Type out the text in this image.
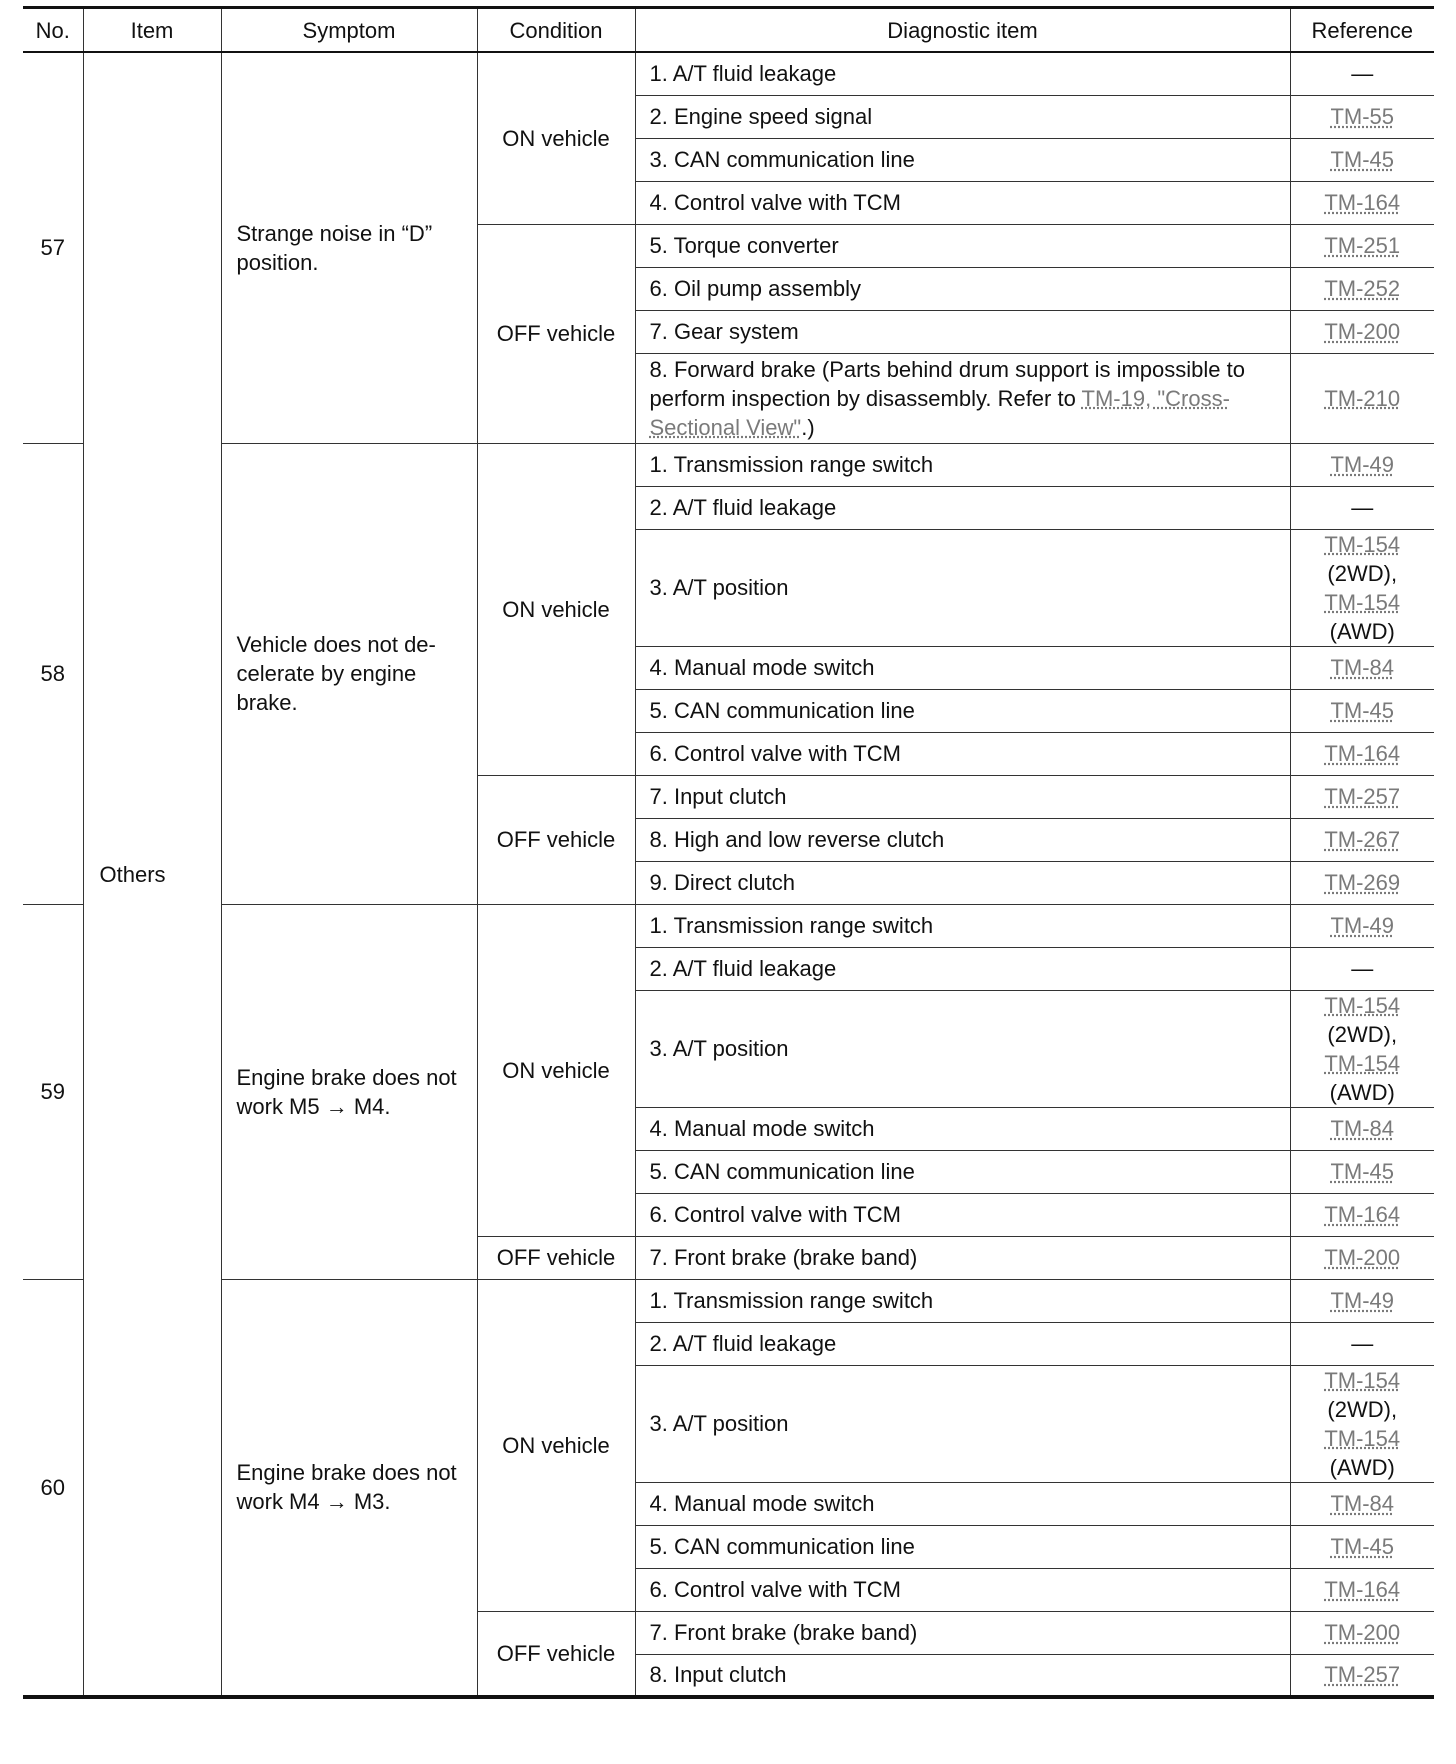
No.	Item	Symptom	Condition	Diagnostic item	Reference
57	Others	Strange noise in “D” position.	ON vehicle	1. A/T fluid leakage	—

				2. Engine speed signal	TM-55

				3. CAN communication line	TM-45

				4. Control valve with TCM	TM-164

			OFF vehicle	5. Torque converter	TM-251

				6. Oil pump assembly	TM-252

				7. Gear system	TM-200

				8. Forward brake (Parts behind drum support is impossible to perform inspection by disassembly. Refer to TM-19, "Cross-Sectional View".)	TM-210

58		Vehicle does not de-celerate by engine brake.	ON vehicle	1. Transmission range switch	TM-49

				2. A/T fluid leakage	—

				3. A/T position	TM-154
(2WD),
TM-154
(AWD)

				4. Manual mode switch	TM-84

				5. CAN communication line	TM-45

				6. Control valve with TCM	TM-164

			OFF vehicle	7. Input clutch	TM-257

				8. High and low reverse clutch	TM-267

				9. Direct clutch	TM-269

59		Engine brake does not work M5 → M4.	ON vehicle	1. Transmission range switch	TM-49

				2. A/T fluid leakage	—

				3. A/T position	TM-154
(2WD),
TM-154
(AWD)

				4. Manual mode switch	TM-84

				5. CAN communication line	TM-45

				6. Control valve with TCM	TM-164

			OFF vehicle	7. Front brake (brake band)	TM-200

60		Engine brake does not work M4 → M3.	ON vehicle	1. Transmission range switch	TM-49

				2. A/T fluid leakage	—

				3. A/T position	TM-154
(2WD),
TM-154
(AWD)

				4. Manual mode switch	TM-84

				5. CAN communication line	TM-45

				6. Control valve with TCM	TM-164

			OFF vehicle	7. Front brake (brake band)	TM-200

				8. Input clutch	TM-257
